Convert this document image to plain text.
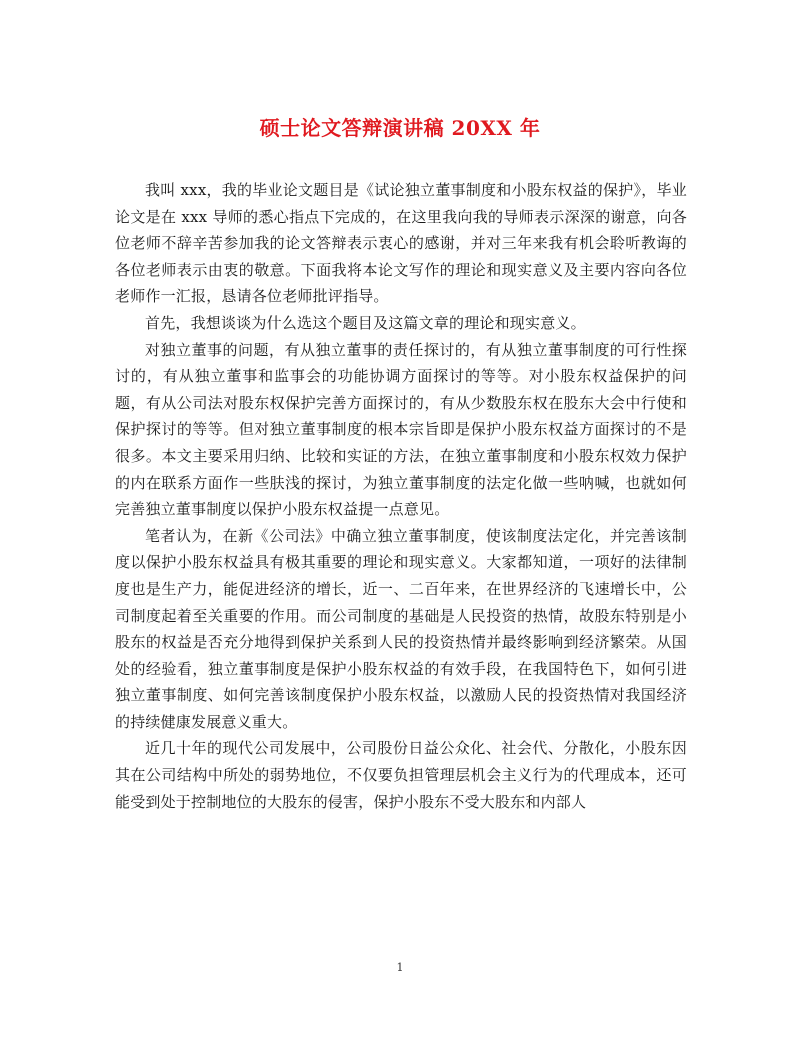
硕士论文答辩演讲稿 20XX 年

我叫 xxx，我的毕业论文题目是《试论独立董事制度和小股东权益的保护》，毕业论文是在 xxx 导师的悉心指点下完成的，在这里我向我的导师表示深深的谢意，向各位老师不辞辛苦参加我的论文答辩表示衷心的感谢，并对三年来我有机会聆听教诲的各位老师表示由衷的敬意。下面我将本论文写作的理论和现实意义及主要内容向各位老师作一汇报，恳请各位老师批评指导。

首先，我想谈谈为什么选这个题目及这篇文章的理论和现实意义。

对独立董事的问题，有从独立董事的责任探讨的，有从独立董事制度的可行性探讨的，有从独立董事和监事会的功能协调方面探讨的等等。对小股东权益保护的问题，有从公司法对股东权保护完善方面探讨的，有从少数股东权在股东大会中行使和保护探讨的等等。但对独立董事制度的根本宗旨即是保护小股东权益方面探讨的不是很多。本文主要采用归纳、比较和实证的方法，在独立董事制度和小股东权效力保护的内在联系方面作一些肤浅的探讨，为独立董事制度的法定化做一些呐喊，也就如何完善独立董事制度以保护小股东权益提一点意见。

笔者认为，在新《公司法》中确立独立董事制度，使该制度法定化，并完善该制度以保护小股东权益具有极其重要的理论和现实意义。大家都知道，一项好的法律制度也是生产力，能促进经济的增长，近一、二百年来，在世界经济的飞速增长中，公司制度起着至关重要的作用。而公司制度的基础是人民投资的热情，故股东特别是小股东的权益是否充分地得到保护关系到人民的投资热情并最终影响到经济繁荣。从国处的经验看，独立董事制度是保护小股东权益的有效手段，在我国特色下，如何引进独立董事制度、如何完善该制度保护小股东权益，以激励人民的投资热情对我国经济的持续健康发展意义重大。

近几十年的现代公司发展中，公司股份日益公众化、社会代、分散化，小股东因其在公司结构中所处的弱势地位，不仅要负担管理层机会主义行为的代理成本，还可能受到处于控制地位的大股东的侵害，保护小股东不受大股东和内部人

1
